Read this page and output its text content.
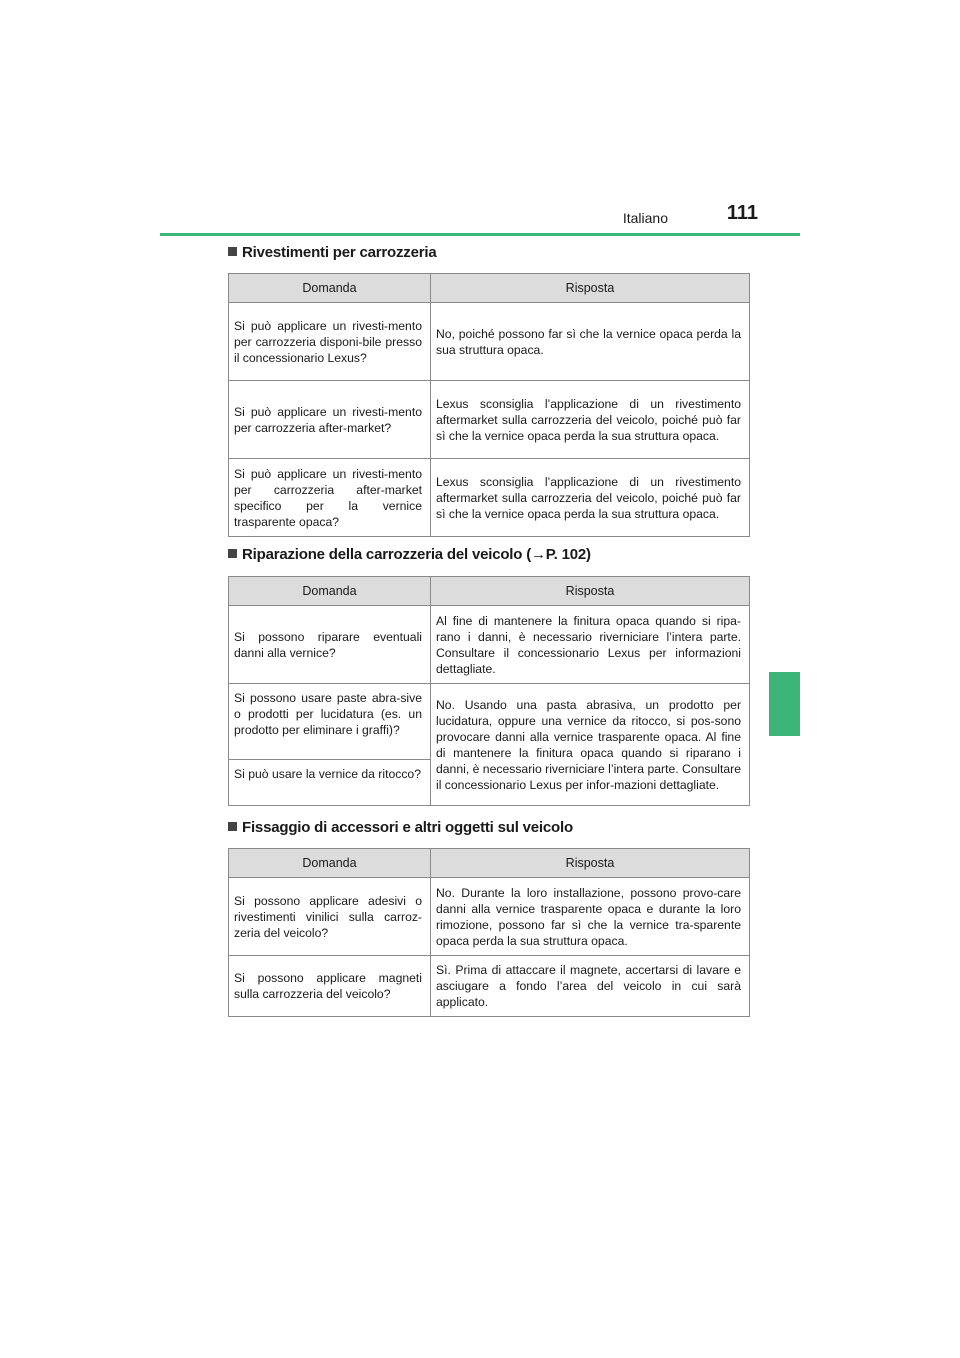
Italiano	111
Rivestimenti per carrozzeria
Domanda	Risposta
Si può applicare un rivesti-mento per carrozzeria disponi-bile presso il concessionario Lexus?	No, poiché possono far sì che la vernice opaca perda la sua struttura opaca.
Si può applicare un rivesti-mento per carrozzeria after-market?	Lexus sconsiglia l’applicazione di un rivestimento aftermarket sulla carrozzeria del veicolo, poiché può far sì che la vernice opaca perda la sua struttura opaca.
Si può applicare un rivesti-mento per carrozzeria after-market specifico per la vernice trasparente opaca?	Lexus sconsiglia l’applicazione di un rivestimento aftermarket sulla carrozzeria del veicolo, poiché può far sì che la vernice opaca perda la sua struttura opaca.
Riparazione della carrozzeria del veicolo (→P. 102)
Domanda	Risposta
Si possono riparare eventuali danni alla vernice?	Al fine di mantenere la finitura opaca quando si ripa-rano i danni, è necessario riverniciare l’intera parte. Consultare il concessionario Lexus per informazioni dettagliate.
Si possono usare paste abra-sive o prodotti per lucidatura (es. un prodotto per eliminare i graffi)?	No. Usando una pasta abrasiva, un prodotto per lucidatura, oppure una vernice da ritocco, si pos-sono provocare danni alla vernice trasparente opaca. Al fine di mantenere la finitura opaca quando si riparano i danni, è necessario riverniciare l’intera parte. Consultare il concessionario Lexus per infor-mazioni dettagliate.
Si può usare la vernice da ritocco?	
Fissaggio di accessori e altri oggetti sul veicolo
Domanda	Risposta
Si possono applicare adesivi o rivestimenti vinilici sulla carroz-zeria del veicolo?	No. Durante la loro installazione, possono provo-care danni alla vernice trasparente opaca e durante la loro rimozione, possono far sì che la vernice tra-sparente opaca perda la sua struttura opaca.
Si possono applicare magneti sulla carrozzeria del veicolo?	Sì. Prima di attaccare il magnete, accertarsi di lavare e asciugare a fondo l’area del veicolo in cui sarà applicato.
